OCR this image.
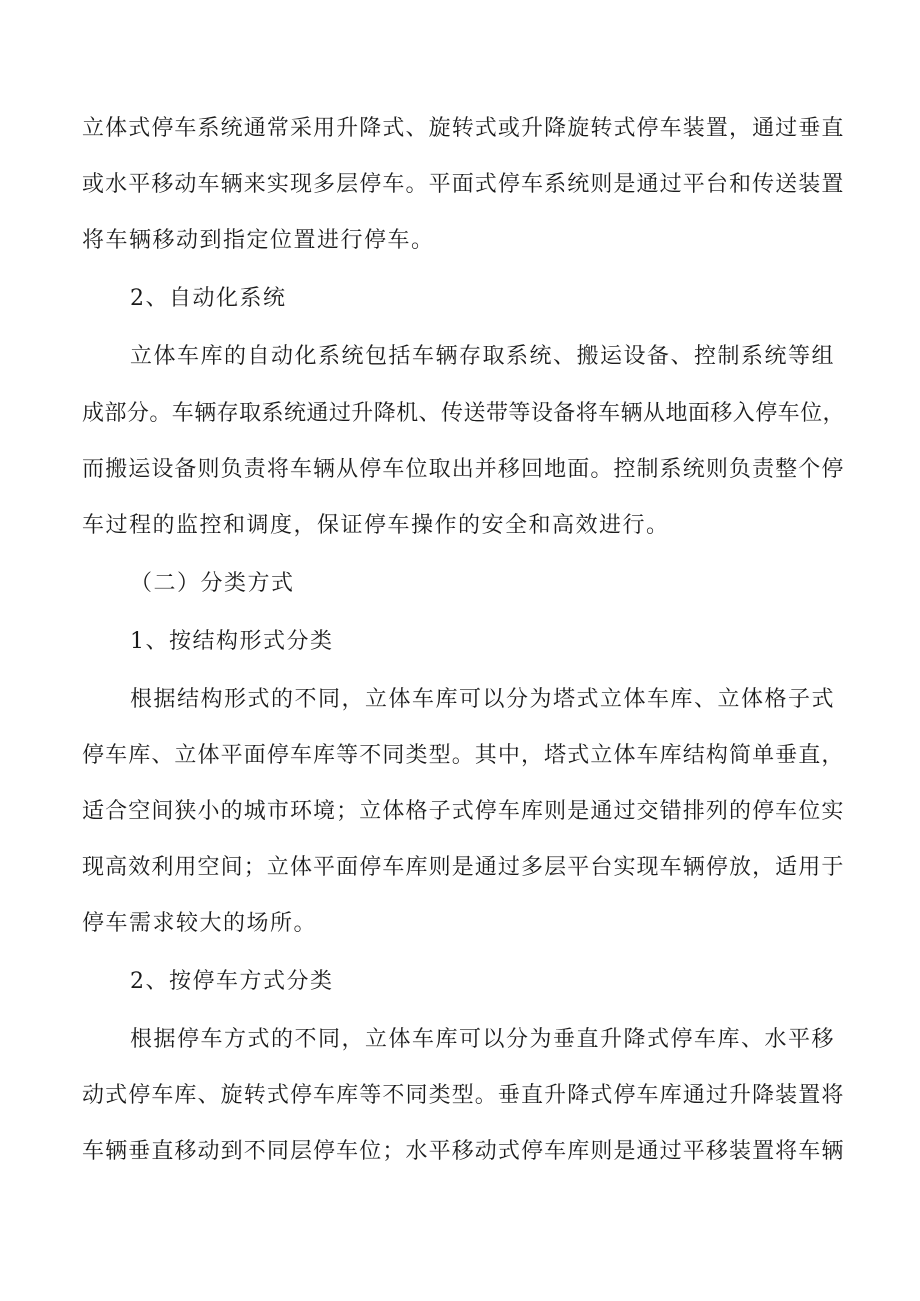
立体式停车系统通常采用升降式、旋转式或升降旋转式停车装置，通过垂直
或水平移动车辆来实现多层停车。平面式停车系统则是通过平台和传送装置
将车辆移动到指定位置进行停车。
2、自动化系统
立体车库的自动化系统包括车辆存取系统、搬运设备、控制系统等组
成部分。车辆存取系统通过升降机、传送带等设备将车辆从地面移入停车位，
而搬运设备则负责将车辆从停车位取出并移回地面。控制系统则负责整个停
车过程的监控和调度，保证停车操作的安全和高效进行。
（二）分类方式
1、按结构形式分类
根据结构形式的不同，立体车库可以分为塔式立体车库、立体格子式
停车库、立体平面停车库等不同类型。其中，塔式立体车库结构简单垂直，
适合空间狭小的城市环境；立体格子式停车库则是通过交错排列的停车位实
现高效利用空间；立体平面停车库则是通过多层平台实现车辆停放，适用于
停车需求较大的场所。
2、按停车方式分类
根据停车方式的不同，立体车库可以分为垂直升降式停车库、水平移
动式停车库、旋转式停车库等不同类型。垂直升降式停车库通过升降装置将
车辆垂直移动到不同层停车位；水平移动式停车库则是通过平移装置将车辆
